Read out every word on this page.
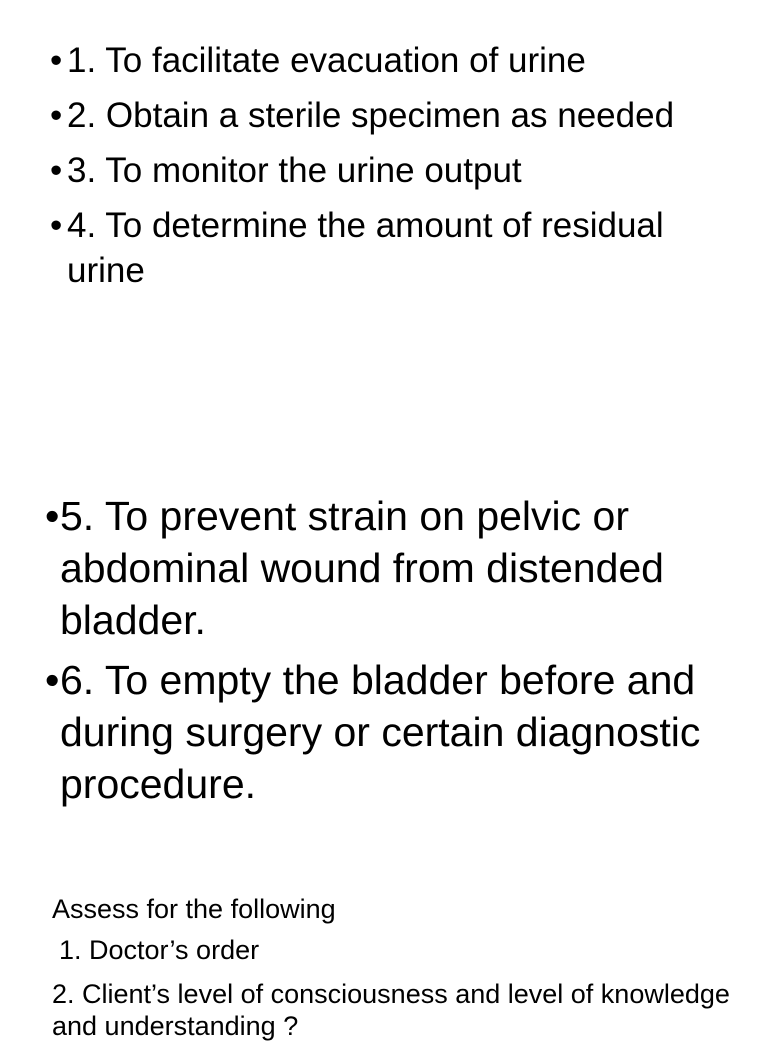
• 1. To facilitate evacuation of urine
• 2. Obtain a sterile specimen as needed
• 3. To monitor the urine output
• 4. To determine the amount of residual urine
• 5. To prevent strain on pelvic or abdominal wound from distended bladder.
• 6. To empty the bladder before and during surgery or certain diagnostic procedure.
Assess for the following
1. Doctor’s order
2. Client’s level of consciousness and level of knowledge and understanding ?
